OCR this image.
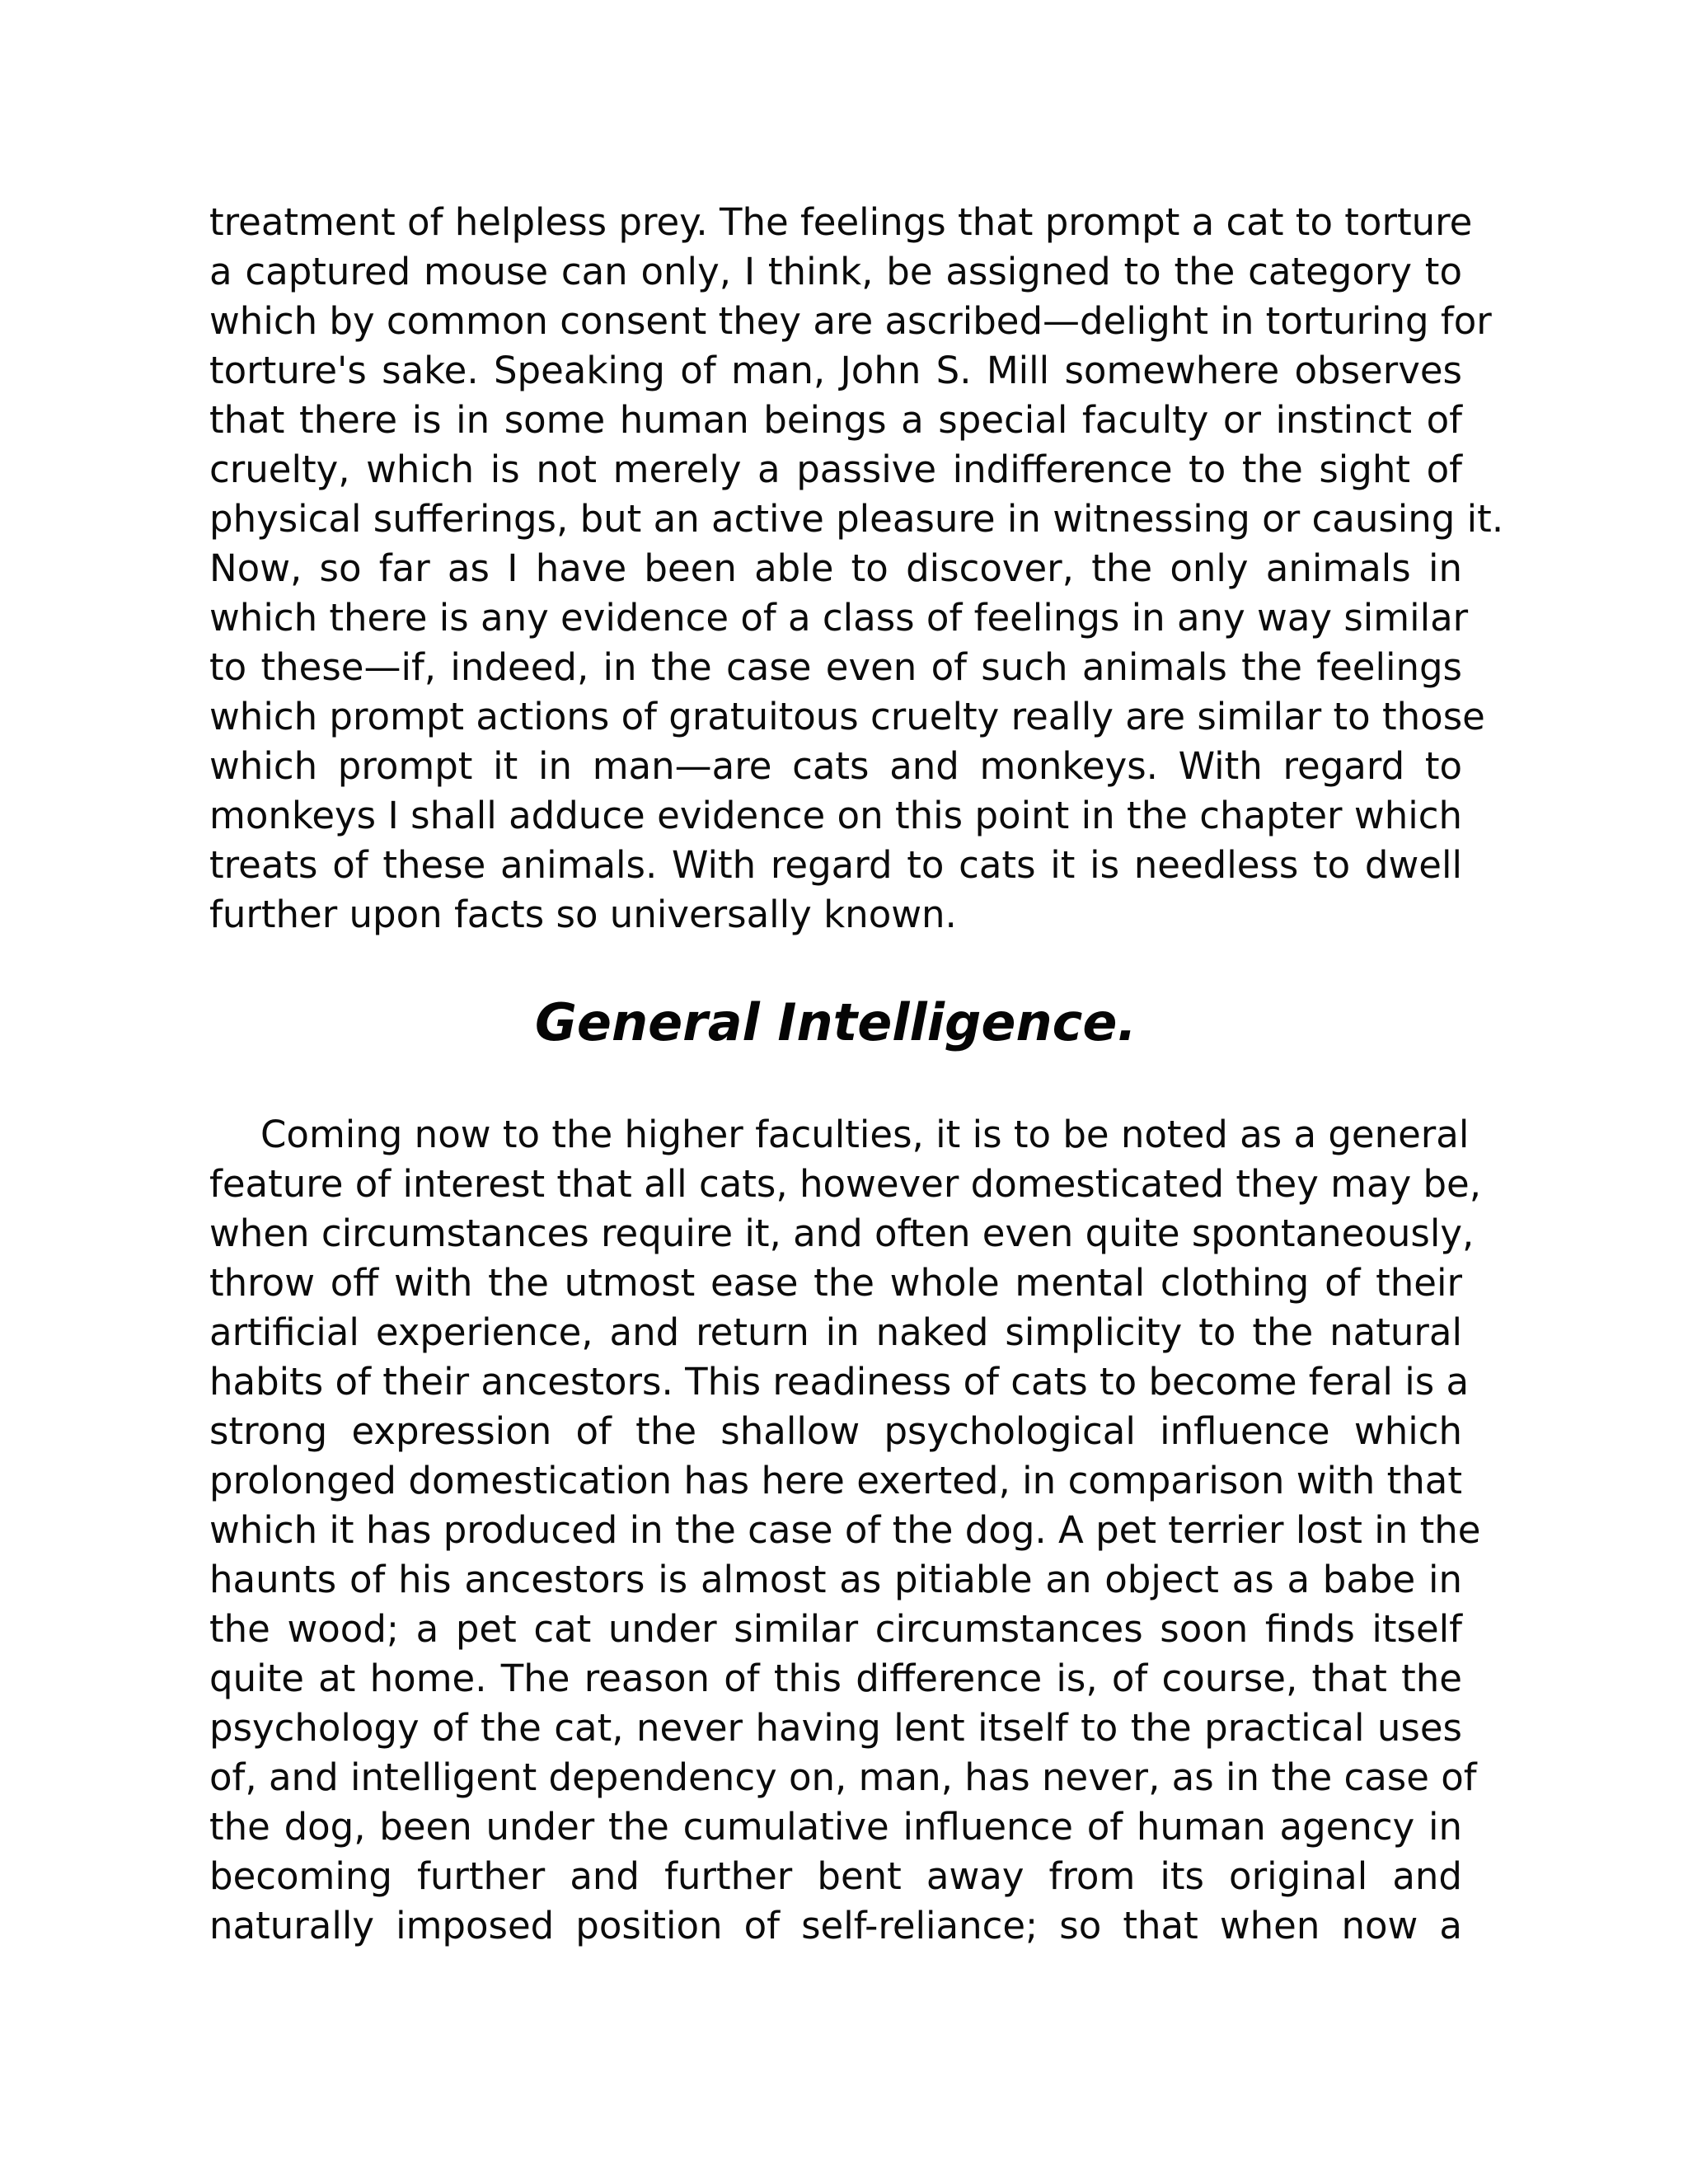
treatment of helpless prey. The feelings that prompt a cat to torture
a captured mouse can only, I think, be assigned to the category to
which by common consent they are ascribed—delight in torturing for
torture's sake. Speaking of man, John S. Mill somewhere observes
that there is in some human beings a special faculty or instinct of
cruelty, which is not merely a passive indifference to the sight of
physical sufferings, but an active pleasure in witnessing or causing it.
Now, so far as I have been able to discover, the only animals in
which there is any evidence of a class of feelings in any way similar
to these—if, indeed, in the case even of such animals the feelings
which prompt actions of gratuitous cruelty really are similar to those
which prompt it in man—are cats and monkeys. With regard to
monkeys I shall adduce evidence on this point in the chapter which
treats of these animals. With regard to cats it is needless to dwell
further upon facts so universally known.

General Intelligence.

Coming now to the higher faculties, it is to be noted as a general
feature of interest that all cats, however domesticated they may be,
when circumstances require it, and often even quite spontaneously,
throw off with the utmost ease the whole mental clothing of their
artificial experience, and return in naked simplicity to the natural
habits of their ancestors. This readiness of cats to become feral is a
strong expression of the shallow psychological influence which
prolonged domestication has here exerted, in comparison with that
which it has produced in the case of the dog. A pet terrier lost in the
haunts of his ancestors is almost as pitiable an object as a babe in
the wood; a pet cat under similar circumstances soon finds itself
quite at home. The reason of this difference is, of course, that the
psychology of the cat, never having lent itself to the practical uses
of, and intelligent dependency on, man, has never, as in the case of
the dog, been under the cumulative influence of human agency in
becoming further and further bent away from its original and
naturally imposed position of self-reliance; so that when now a
